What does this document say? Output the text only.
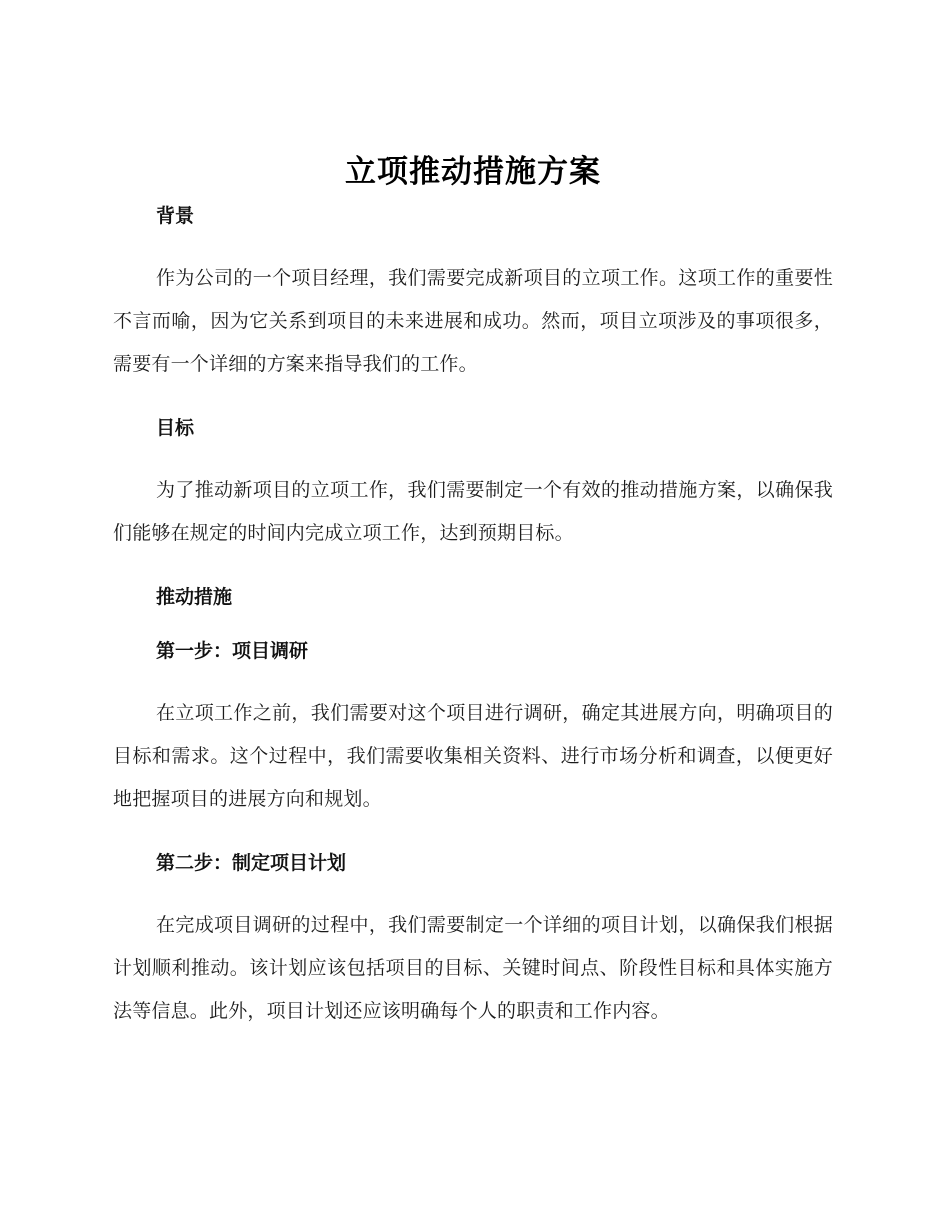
立项推动措施方案
背景

作为公司的一个项目经理，我们需要完成新项目的立项工作。这项工作的重要性不言而喻，因为它关系到项目的未来进展和成功。然而，项目立项涉及的事项很多，需要有一个详细的方案来指导我们的工作。

目标

为了推动新项目的立项工作，我们需要制定一个有效的推动措施方案，以确保我们能够在规定的时间内完成立项工作，达到预期目标。

推动措施
第一步：项目调研

在立项工作之前，我们需要对这个项目进行调研，确定其进展方向，明确项目的目标和需求。这个过程中，我们需要收集相关资料、进行市场分析和调查，以便更好地把握项目的进展方向和规划。

第二步：制定项目计划

在完成项目调研的过程中，我们需要制定一个详细的项目计划，以确保我们根据计划顺利推动。该计划应该包括项目的目标、关键时间点、阶段性目标和具体实施方法等信息。此外，项目计划还应该明确每个人的职责和工作内容。
